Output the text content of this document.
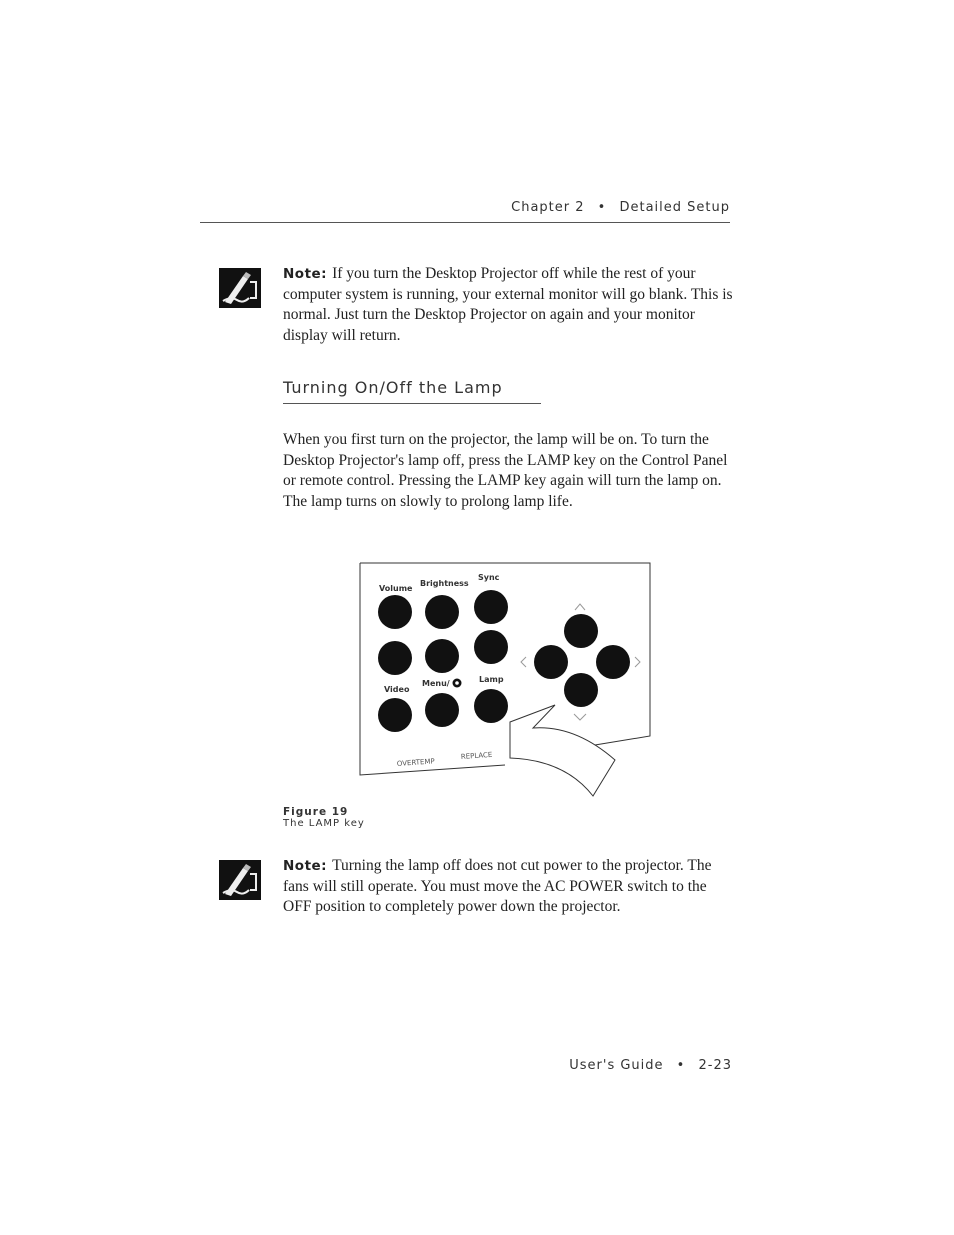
Chapter 2 • Detailed Setup
Note: If you turn the Desktop Projector off while the rest of your computer system is running, your external monitor will go blank. This is normal. Just turn the Desktop Projector on again and your monitor display will return.
Turning On/Off the Lamp
When you first turn on the projector, the lamp will be on. To turn the Desktop Projector's lamp off, press the LAMP key on the Control Panel or remote control. Pressing the LAMP key again will turn the lamp on. The lamp turns on slowly to prolong lamp life.
Volume
Brightness
Sync
Video
Menu/	Lamp
OVERTEMP
REPLACE
Figure 19
The LAMP key
Note: Turning the lamp off does not cut power to the projector. The fans will still operate. You must move the AC POWER switch to the OFF position to completely power down the projector.
User's Guide • 2-23
